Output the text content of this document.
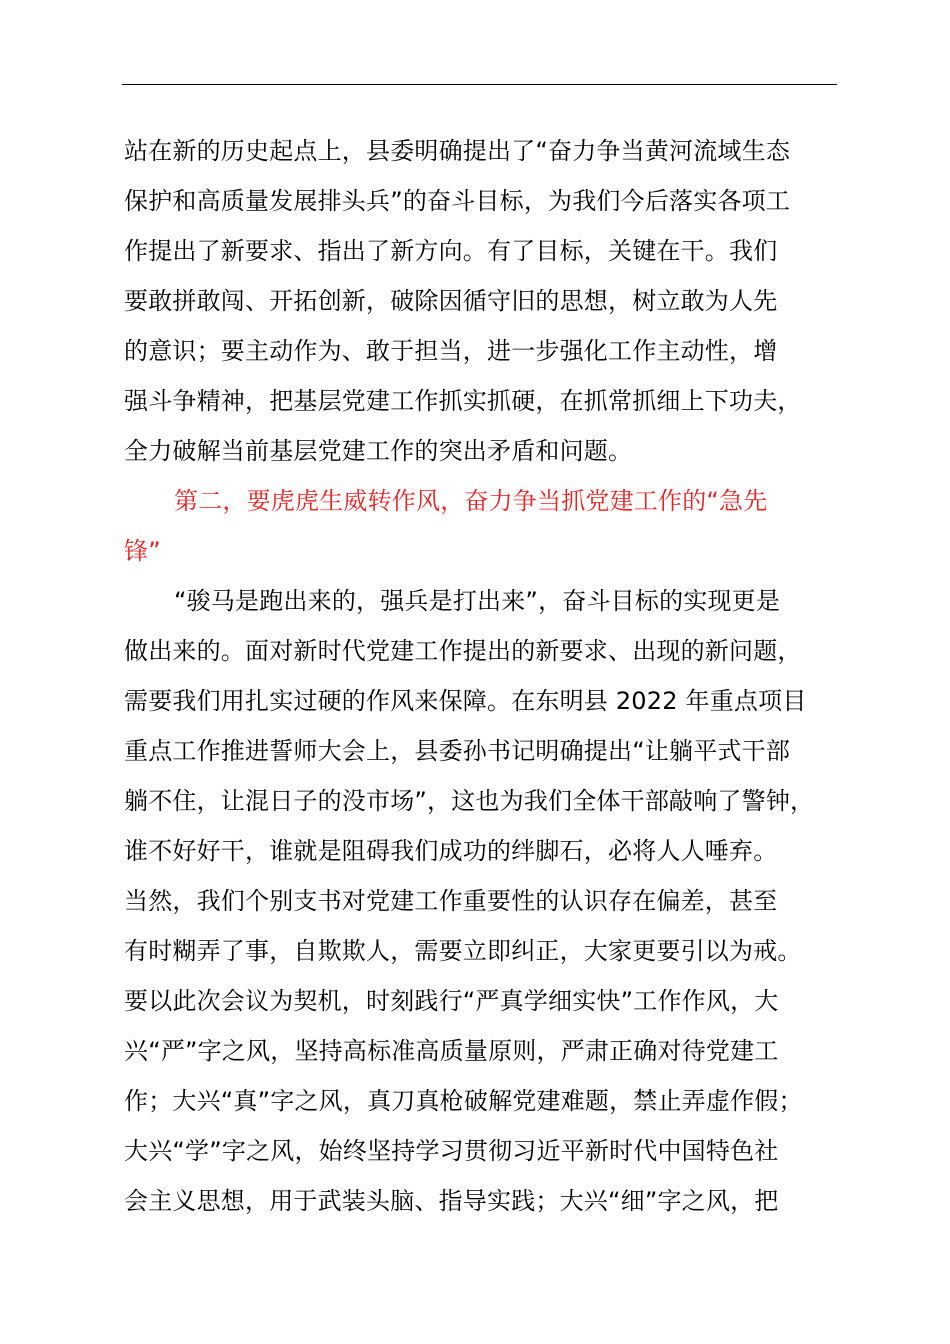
站在新的历史起点上，县委明确提出了“奋力争当黄河流域生态
保护和高质量发展排头兵”的奋斗目标，为我们今后落实各项工
作提出了新要求、指出了新方向。有了目标，关键在干。我们
要敢拼敢闯、开拓创新，破除因循守旧的思想，树立敢为人先
的意识；要主动作为、敢于担当，进一步强化工作主动性，增
强斗争精神，把基层党建工作抓实抓硬，在抓常抓细上下功夫，
全力破解当前基层党建工作的突出矛盾和问题。
第二，要虎虎生威转作风，奋力争当抓党建工作的“急先
锋”
“骏马是跑出来的，强兵是打出来”，奋斗目标的实现更是
做出来的。面对新时代党建工作提出的新要求、出现的新问题，
需要我们用扎实过硬的作风来保障。在东明县 2022 年重点项目
重点工作推进誓师大会上，县委孙书记明确提出“让躺平式干部
躺不住，让混日子的没市场”，这也为我们全体干部敲响了警钟，
谁不好好干，谁就是阻碍我们成功的绊脚石，必将人人唾弃。
当然，我们个别支书对党建工作重要性的认识存在偏差，甚至
有时糊弄了事，自欺欺人，需要立即纠正，大家更要引以为戒。
要以此次会议为契机，时刻践行“严真学细实快”工作作风，大
兴“严”字之风，坚持高标准高质量原则，严肃正确对待党建工
作；大兴“真”字之风，真刀真枪破解党建难题，禁止弄虚作假；
大兴“学”字之风，始终坚持学习贯彻习近平新时代中国特色社
会主义思想，用于武装头脑、指导实践；大兴“细”字之风，把
